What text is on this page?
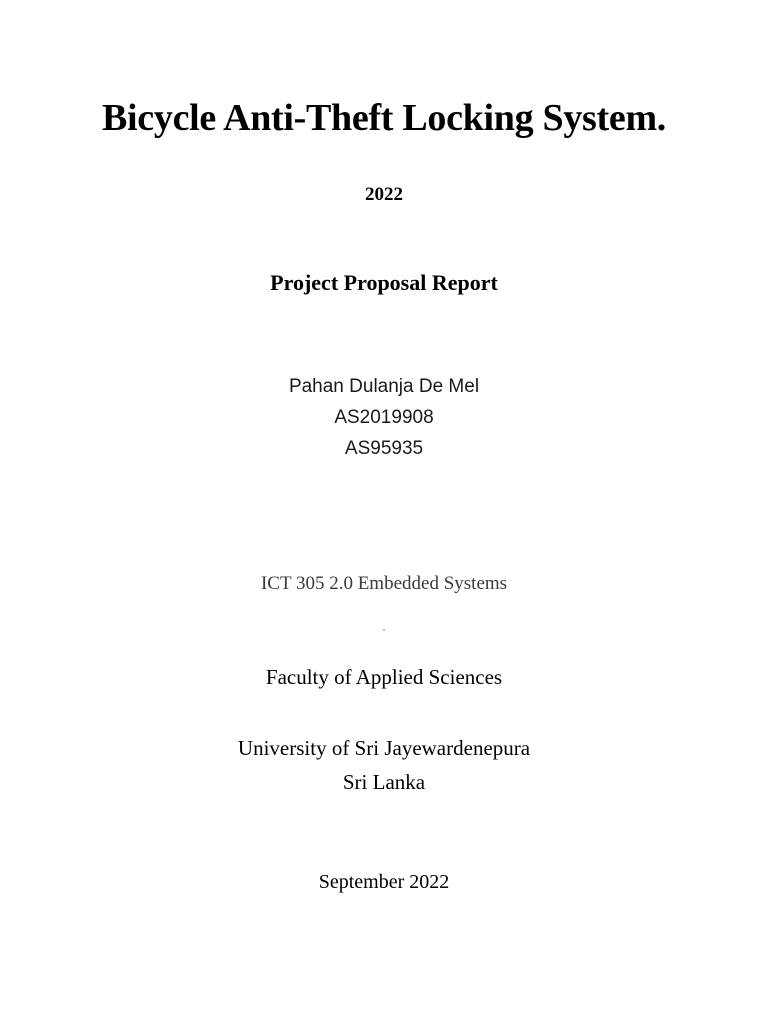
Bicycle Anti-Theft Locking System.
2022
Project Proposal Report
Pahan Dulanja De Mel
AS2019908
AS95935
ICT 305 2.0 Embedded Systems
.
Faculty of Applied Sciences
University of Sri Jayewardenepura
Sri Lanka
September 2022
